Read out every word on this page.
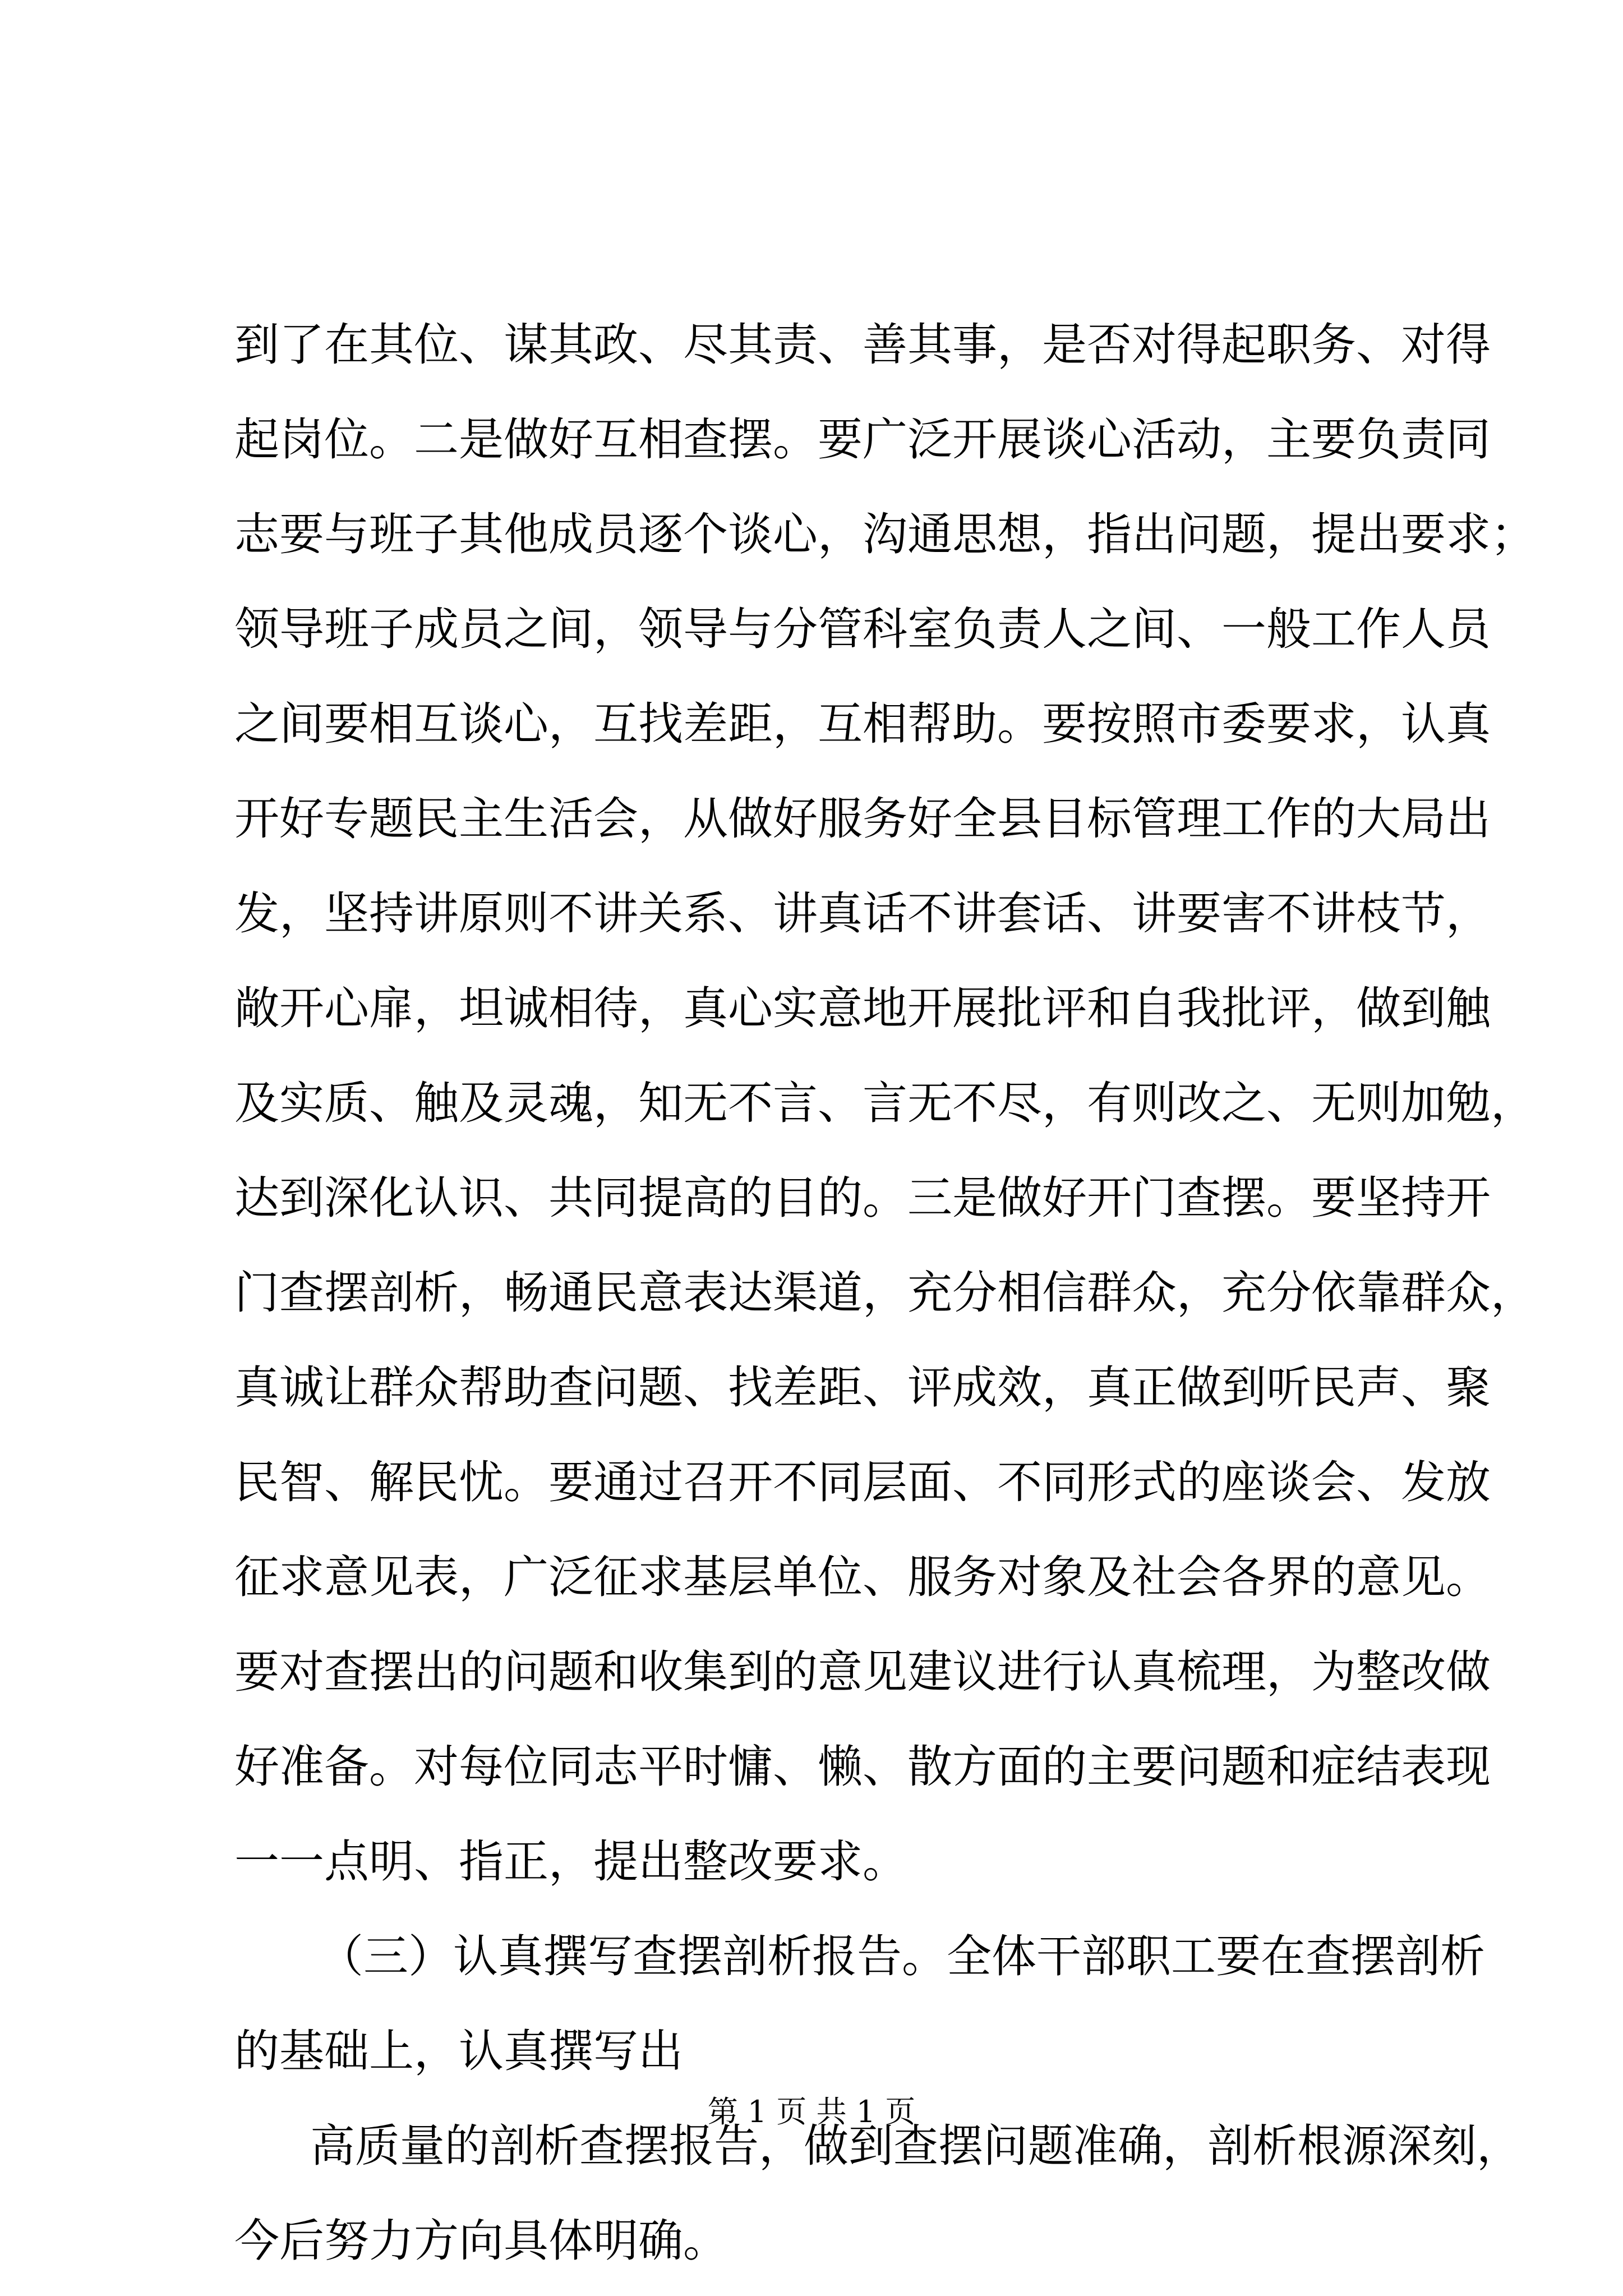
到了在其位、谋其政、尽其责、善其事，是否对得起职务、对得
起岗位。二是做好互相查摆。要广泛开展谈心活动，主要负责同
志要与班子其他成员逐个谈心，沟通思想，指出问题，提出要求；
领导班子成员之间，领导与分管科室负责人之间、一般工作人员
之间要相互谈心，互找差距，互相帮助。要按照市委要求，认真
开好专题民主生活会，从做好服务好全县目标管理工作的大局出
发，坚持讲原则不讲关系、讲真话不讲套话、讲要害不讲枝节，
敞开心扉，坦诚相待，真心实意地开展批评和自我批评，做到触
及实质、触及灵魂，知无不言、言无不尽，有则改之、无则加勉，
达到深化认识、共同提高的目的。三是做好开门查摆。要坚持开
门查摆剖析，畅通民意表达渠道，充分相信群众，充分依靠群众，
真诚让群众帮助查问题、找差距、评成效，真正做到听民声、聚
民智、解民忧。要通过召开不同层面、不同形式的座谈会、发放
征求意见表，广泛征求基层单位、服务对象及社会各界的意见。
要对查摆出的问题和收集到的意见建议进行认真梳理，为整改做
好准备。对每位同志平时慵、懒、散方面的主要问题和症结表现
一一点明、指正，提出整改要求。
（三）认真撰写查摆剖析报告。全体干部职工要在查摆剖析
的基础上，认真撰写出
高质量的剖析查摆报告，做到查摆问题准确，剖析根源深刻，
今后努力方向具体明确。
第 1 页 共 1 页
